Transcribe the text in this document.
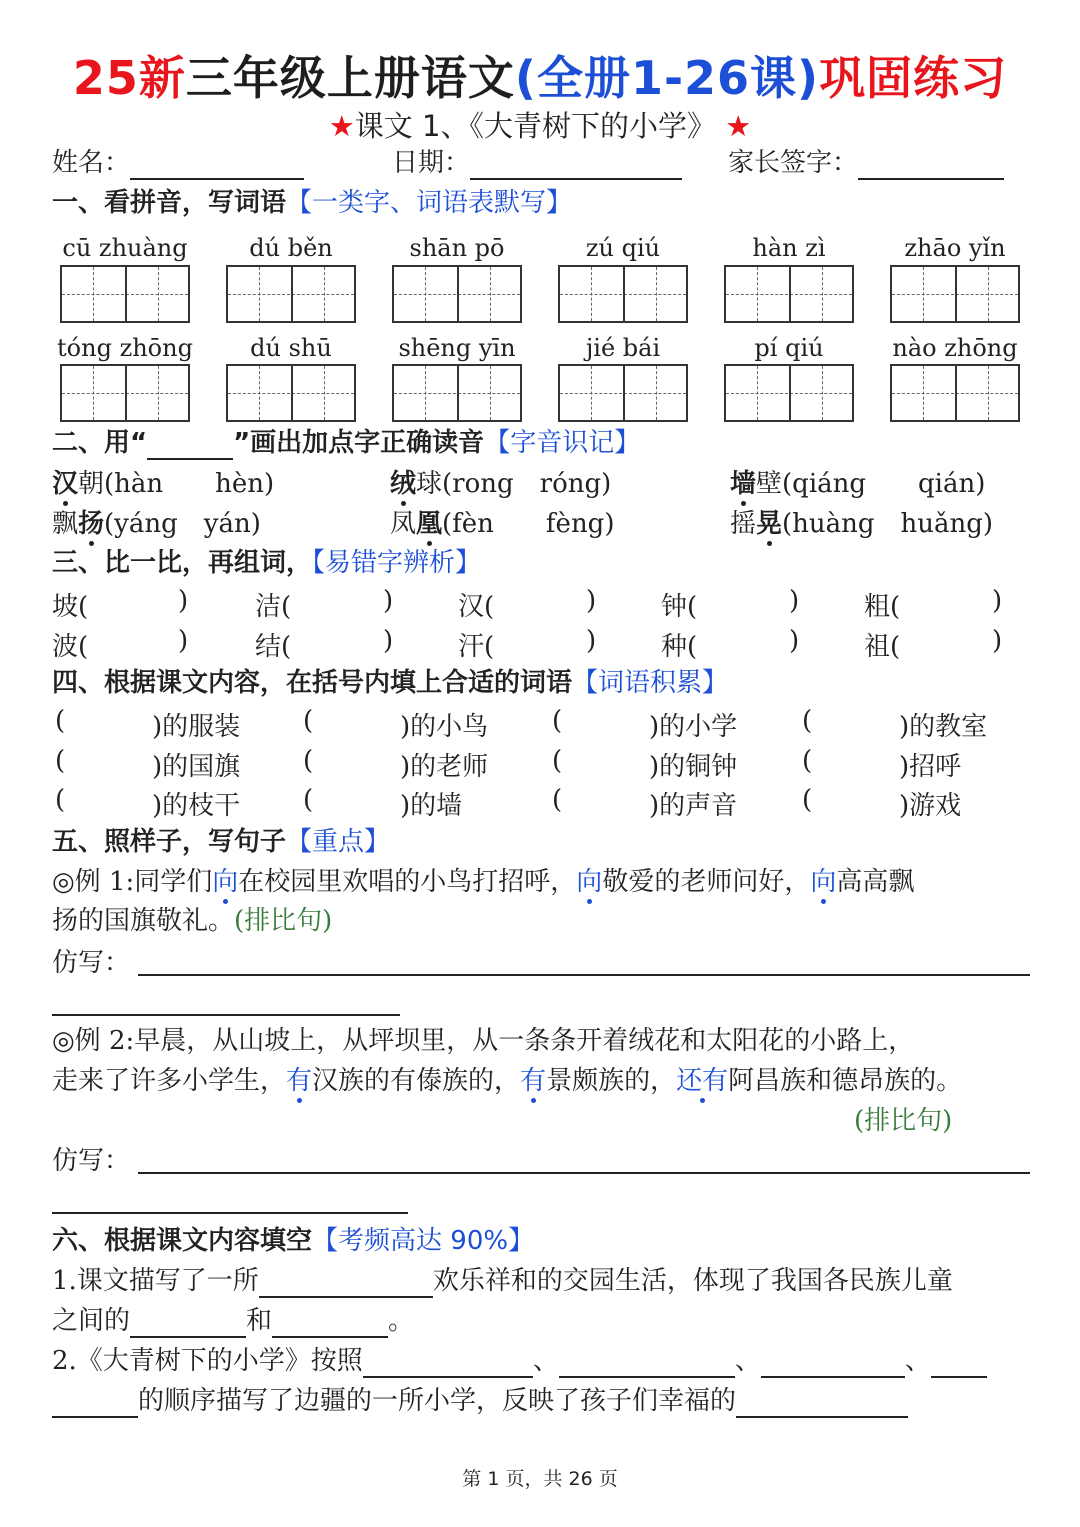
25新三年级上册语文(全册1-26课)巩固练习
★课文 1、《大青树下的小学》 ★
姓名：	日期：	家长签字：
一、看拼音，写词语【一类字、词语表默写】
cū zhuàng	dú běn	shān pō	zú qiú	hàn zì	zhāo yǐn
tóng zhōng	dú shū	shēng yīn	jié bái	pí qiú	nào zhōng
二、用“	”画出加点字正确读音【字音识记】
汉朝(hàn　　hèn)	绒球(rong　róng)	墙壁(qiáng　　qián)
飘扬(yáng　yán)	凤凰(fèn　　fèng)	摇晃(huàng　huǎng)
三、比一比，再组词，【易错字辨析】
坡(	)	洁(	) 汉(	) 钟(	) 粗(	)
波(	)	结(	) 汗(	) 种(	) 祖(	)
四、根据课文内容，在括号内填上合适的词语【词语积累】
(	)的服装 (	)的小鸟 (	)的小学 (	)的教室
(	)的国旗 (	)的老师 (	)的铜钟 (	)招呼
(	)的枝干 (	)的墙	(	)的声音 (	)游戏
五、照样子，写句子【重点】
◎例 1:同学们向在校园里欢唱的小鸟打招呼，向敬爱的老师问好，向高高飘
扬的国旗敬礼。(排比句)
仿写：
◎例 2:早晨，从山坡上，从坪坝里，从一条条开着绒花和太阳花的小路上，
走来了许多小学生，有汉族的有傣族的，有景颇族的，还有阿昌族和德昂族的。
(排比句)
仿写：
六、根据课文内容填空【考频高达 90%】
1.课文描写了一所	欢乐祥和的交园生活，体现了我国各民族儿童
之间的	和	。
2.《大青树下的小学》按照	、	、	、
的顺序描写了边疆的一所小学，反映了孩子们幸福的
第 1 页，共 26 页
